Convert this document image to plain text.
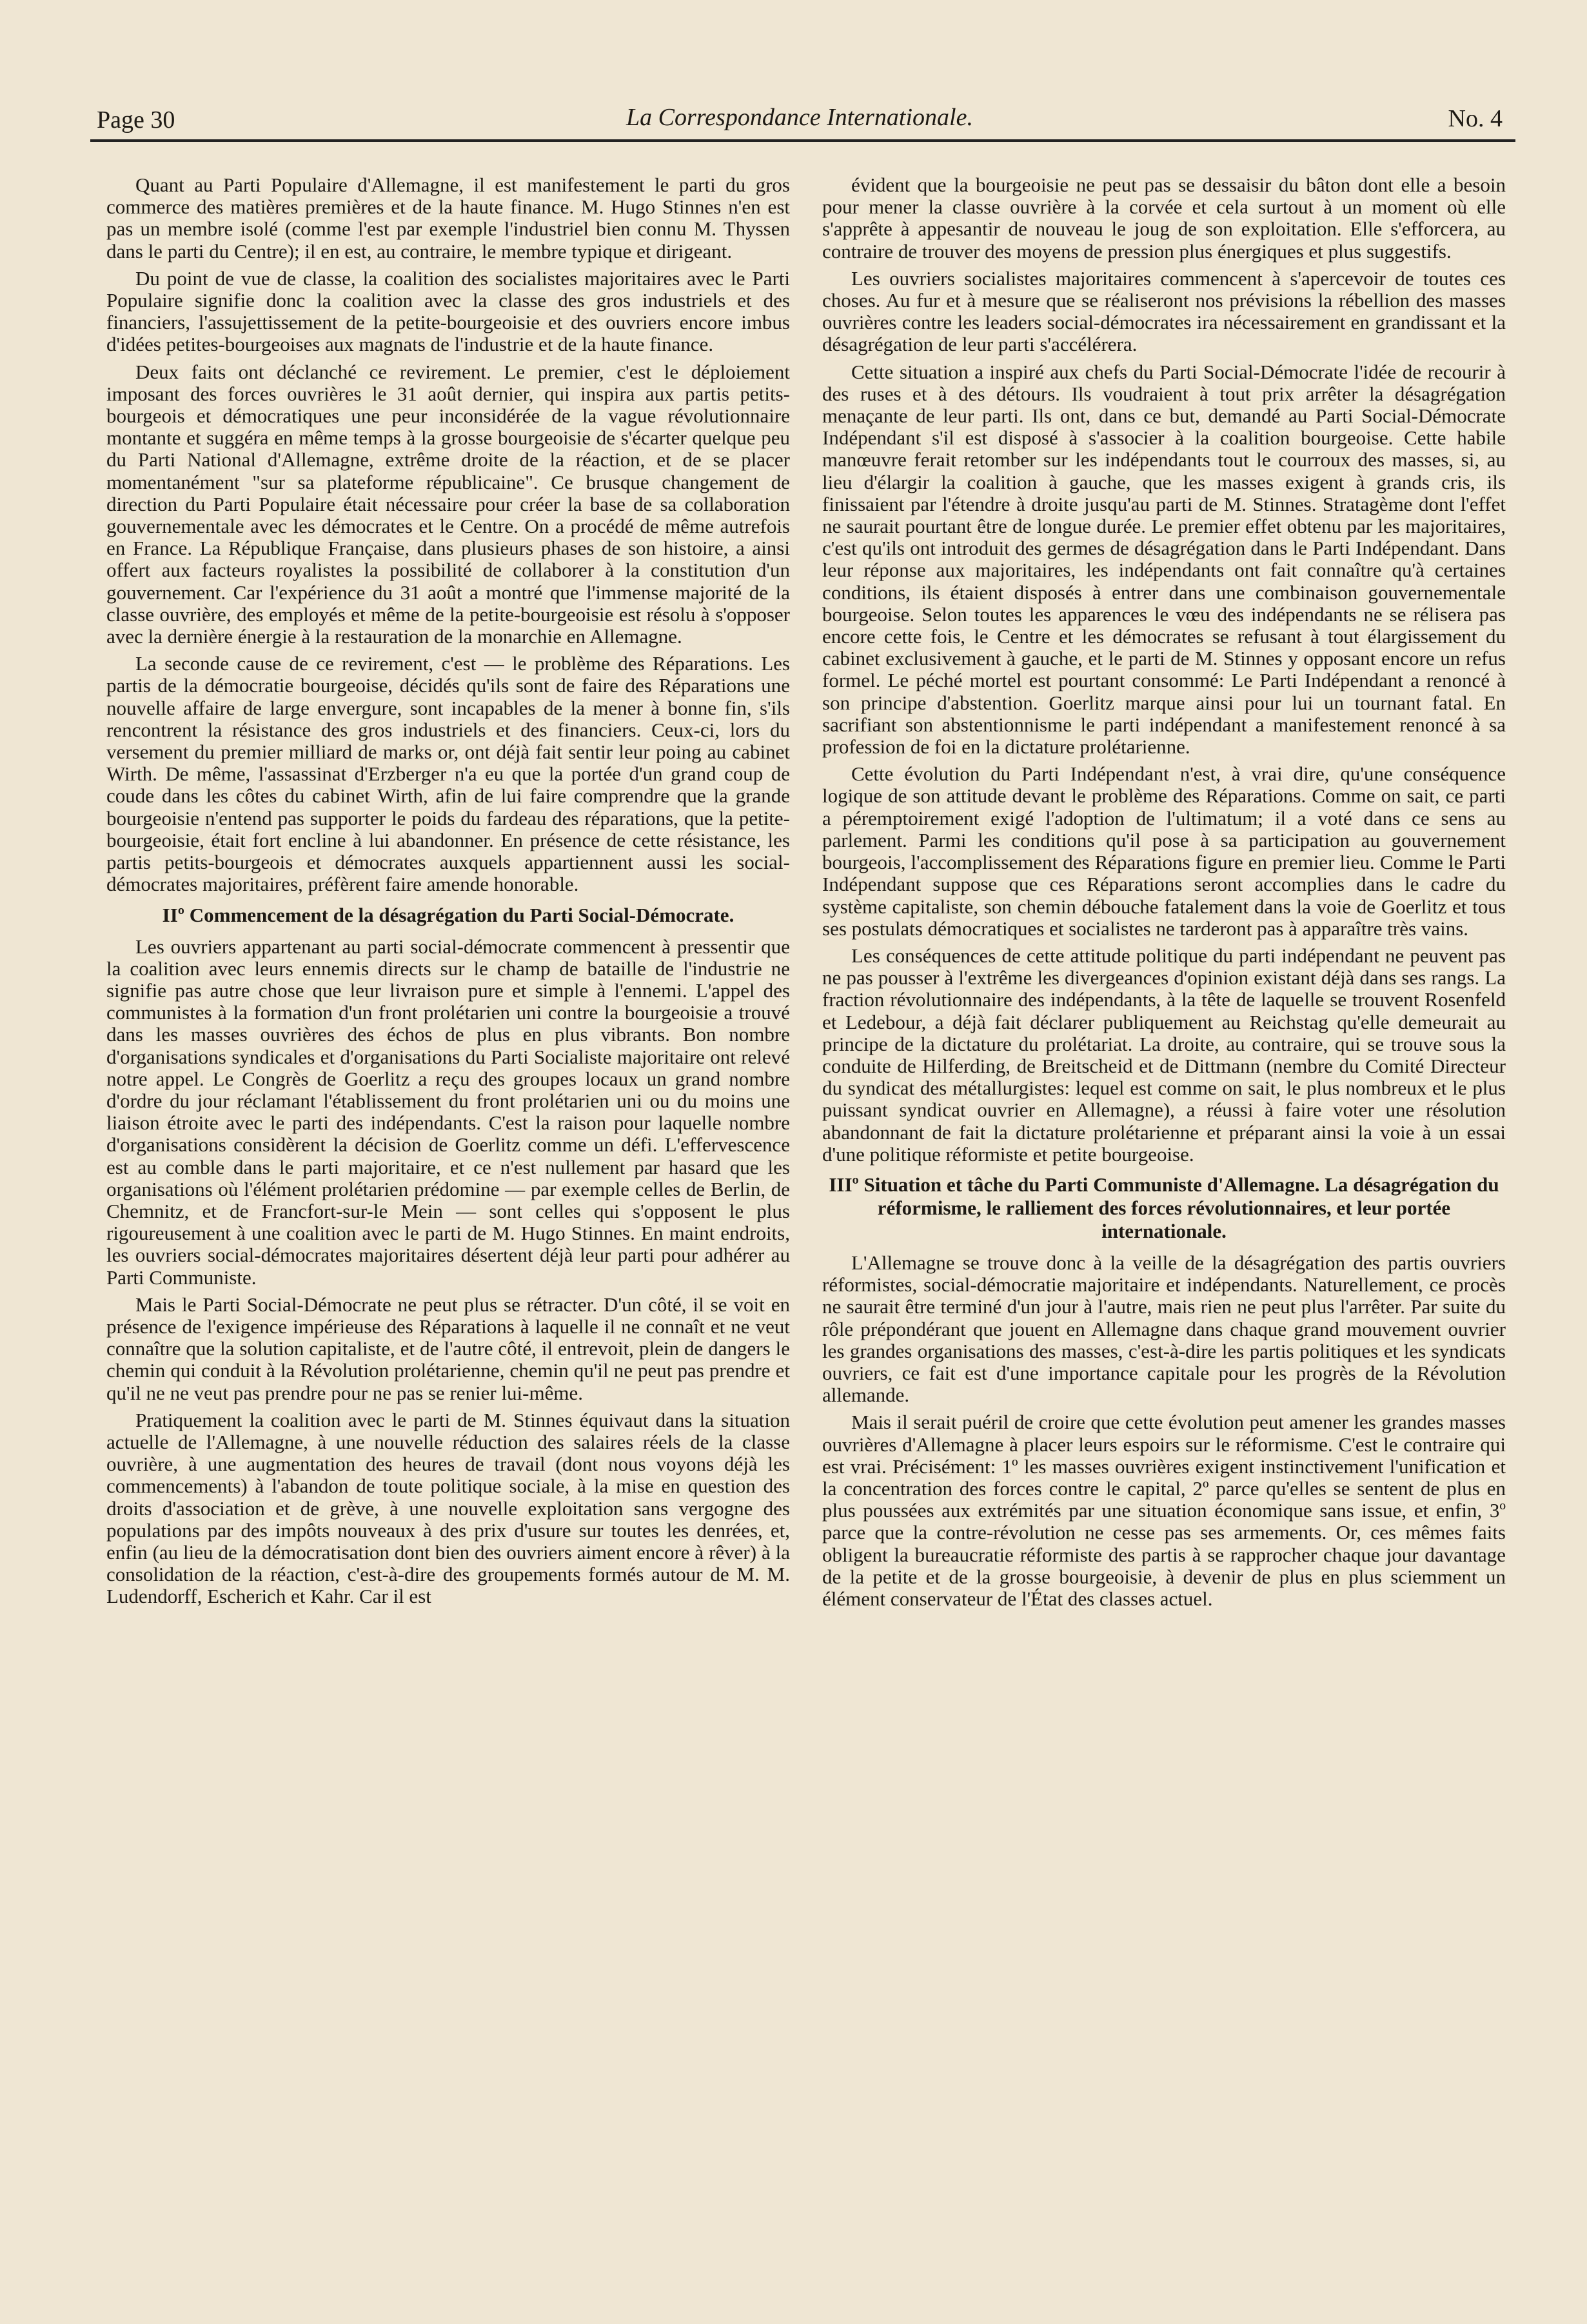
Page 30	La Correspondance Internationale.	No. 4

Quant au Parti Populaire d'Allemagne, il est manifestement le parti du gros commerce des matières premières et de la haute finance. M. Hugo Stinnes n'en est pas un membre isolé (comme l'est par exemple l'industriel bien connu M. Thyssen dans le parti du Centre); il en est, au contraire, le membre typique et dirigeant.

Du point de vue de classe, la coalition des socialistes majoritaires avec le Parti Populaire signifie donc la coalition avec la classe des gros industriels et des financiers, l'assujettissement de la petite-bourgeoisie et des ouvriers encore imbus d'idées petites-bourgeoises aux magnats de l'industrie et de la haute finance.

Deux faits ont déclanché ce revirement. Le premier, c'est le déploiement imposant des forces ouvrières le 31 août dernier, qui inspira aux partis petits-bourgeois et démocratiques une peur inconsidérée de la vague révolutionnaire montante et suggéra en même temps à la grosse bourgeoisie de s'écarter quelque peu du Parti National d'Allemagne, extrême droite de la réaction, et de se placer momentanément "sur sa plateforme républicaine". Ce brusque changement de direction du Parti Populaire était nécessaire pour créer la base de sa collaboration gouvernementale avec les démocrates et le Centre. On a procédé de même autrefois en France. La République Française, dans plusieurs phases de son histoire, a ainsi offert aux facteurs royalistes la possibilité de collaborer à la constitution d'un gouvernement. Car l'expérience du 31 août a montré que l'immense majorité de la classe ouvrière, des employés et même de la petite-bourgeoisie est résolu à s'opposer avec la dernière énergie à la restauration de la monarchie en Allemagne.

La seconde cause de ce revirement, c'est — le problème des Réparations. Les partis de la démocratie bourgeoise, décidés qu'ils sont de faire des Réparations une nouvelle affaire de large envergure, sont incapables de la mener à bonne fin, s'ils rencontrent la résistance des gros industriels et des financiers. Ceux-ci, lors du versement du premier milliard de marks or, ont déjà fait sentir leur poing au cabinet Wirth. De même, l'assassinat d'Erzberger n'a eu que la portée d'un grand coup de coude dans les côtes du cabinet Wirth, afin de lui faire comprendre que la grande bourgeoisie n'entend pas supporter le poids du fardeau des réparations, que la petite-bourgeoisie, était fort encline à lui abandonner. En présence de cette résistance, les partis petits-bourgeois et démocrates auxquels appartiennent aussi les social-démocrates majoritaires, préfèrent faire amende honorable.

IIº Commencement de la désagrégation du Parti Social-Démocrate.

Les ouvriers appartenant au parti social-démocrate commencent à pressentir que la coalition avec leurs ennemis directs sur le champ de bataille de l'industrie ne signifie pas autre chose que leur livraison pure et simple à l'ennemi. L'appel des communistes à la formation d'un front prolétarien uni contre la bourgeoisie a trouvé dans les masses ouvrières des échos de plus en plus vibrants. Bon nombre d'organisations syndicales et d'organisations du Parti Socialiste majoritaire ont relevé notre appel. Le Congrès de Goerlitz a reçu des groupes locaux un grand nombre d'ordre du jour réclamant l'établissement du front prolétarien uni ou du moins une liaison étroite avec le parti des indépendants. C'est la raison pour laquelle nombre d'organisations considèrent la décision de Goerlitz comme un défi. L'effervescence est au comble dans le parti majoritaire, et ce n'est nullement par hasard que les organisations où l'élément prolétarien prédomine — par exemple celles de Berlin, de Chemnitz, et de Francfort-sur-le Mein — sont celles qui s'opposent le plus rigoureusement à une coalition avec le parti de M. Hugo Stinnes. En maint endroits, les ouvriers social-démocrates majoritaires désertent déjà leur parti pour adhérer au Parti Communiste.

Mais le Parti Social-Démocrate ne peut plus se rétracter. D'un côté, il se voit en présence de l'exigence impérieuse des Réparations à laquelle il ne connaît et ne veut connaître que la solution capitaliste, et de l'autre côté, il entrevoit, plein de dangers le chemin qui conduit à la Révolution prolétarienne, chemin qu'il ne peut pas prendre et qu'il ne ne veut pas prendre pour ne pas se renier lui-même.

Pratiquement la coalition avec le parti de M. Stinnes équivaut dans la situation actuelle de l'Allemagne, à une nouvelle réduction des salaires réels de la classe ouvrière, à une augmentation des heures de travail (dont nous voyons déjà les commencements) à l'abandon de toute politique sociale, à la mise en question des droits d'association et de grève, à une nouvelle exploitation sans vergogne des populations par des impôts nouveaux à des prix d'usure sur toutes les denrées, et, enfin (au lieu de la démocratisation dont bien des ouvriers aiment encore à rêver) à la consolidation de la réaction, c'est-à-dire des groupements formés autour de M. M. Ludendorff, Escherich et Kahr. Car il est

évident que la bourgeoisie ne peut pas se dessaisir du bâton dont elle a besoin pour mener la classe ouvrière à la corvée et cela surtout à un moment où elle s'apprête à appesantir de nouveau le joug de son exploitation. Elle s'efforcera, au contraire de trouver des moyens de pression plus énergiques et plus suggestifs.

Les ouvriers socialistes majoritaires commencent à s'apercevoir de toutes ces choses. Au fur et à mesure que se réaliseront nos prévisions la rébellion des masses ouvrières contre les leaders social-démocrates ira nécessairement en grandissant et la désagrégation de leur parti s'accélérera.

Cette situation a inspiré aux chefs du Parti Social-Démocrate l'idée de recourir à des ruses et à des détours. Ils voudraient à tout prix arrêter la désagrégation menaçante de leur parti. Ils ont, dans ce but, demandé au Parti Social-Démocrate Indépendant s'il est disposé à s'associer à la coalition bourgeoise. Cette habile manœuvre ferait retomber sur les indépendants tout le courroux des masses, si, au lieu d'élargir la coalition à gauche, que les masses exigent à grands cris, ils finissaient par l'étendre à droite jusqu'au parti de M. Stinnes. Stratagème dont l'effet ne saurait pourtant être de longue durée. Le premier effet obtenu par les majoritaires, c'est qu'ils ont introduit des germes de désagrégation dans le Parti Indépendant. Dans leur réponse aux majoritaires, les indépendants ont fait connaître qu'à certaines conditions, ils étaient disposés à entrer dans une combinaison gouvernementale bourgeoise. Selon toutes les apparences le vœu des indépendants ne se rélisera pas encore cette fois, le Centre et les démocrates se refusant à tout élargissement du cabinet exclusivement à gauche, et le parti de M. Stinnes y opposant encore un refus formel. Le péché mortel est pourtant consommé: Le Parti Indépendant a renoncé à son principe d'abstention. Goerlitz marque ainsi pour lui un tournant fatal. En sacrifiant son abstentionnisme le parti indépendant a manifestement renoncé à sa profession de foi en la dictature prolétarienne.

Cette évolution du Parti Indépendant n'est, à vrai dire, qu'une conséquence logique de son attitude devant le problème des Réparations. Comme on sait, ce parti a péremptoirement exigé l'adoption de l'ultimatum; il a voté dans ce sens au parlement. Parmi les conditions qu'il pose à sa participation au gouvernement bourgeois, l'accomplissement des Réparations figure en premier lieu. Comme le Parti Indépendant suppose que ces Réparations seront accomplies dans le cadre du système capitaliste, son chemin débouche fatalement dans la voie de Goerlitz et tous ses postulats démocratiques et socialistes ne tarderont pas à apparaître très vains.

Les conséquences de cette attitude politique du parti indépendant ne peuvent pas ne pas pousser à l'extrême les divergeances d'opinion existant déjà dans ses rangs. La fraction révolutionnaire des indépendants, à la tête de laquelle se trouvent Rosenfeld et Ledebour, a déjà fait déclarer publiquement au Reichstag qu'elle demeurait au principe de la dictature du prolétariat. La droite, au contraire, qui se trouve sous la conduite de Hilferding, de Breitscheid et de Dittmann (nembre du Comité Directeur du syndicat des métallurgistes: lequel est comme on sait, le plus nombreux et le plus puissant syndicat ouvrier en Allemagne), a réussi à faire voter une résolution abandonnant de fait la dictature prolétarienne et préparant ainsi la voie à un essai d'une politique réformiste et petite bourgeoise.

IIIº Situation et tâche du Parti Communiste d'Allemagne. La désagrégation du réformisme, le ralliement des forces révolutionnaires, et leur portée internationale.

L'Allemagne se trouve donc à la veille de la désagrégation des partis ouvriers réformistes, social-démocratie majoritaire et indépendants. Naturellement, ce procès ne saurait être terminé d'un jour à l'autre, mais rien ne peut plus l'arrêter. Par suite du rôle prépondérant que jouent en Allemagne dans chaque grand mouvement ouvrier les grandes organisations des masses, c'est-à-dire les partis politiques et les syndicats ouvriers, ce fait est d'une importance capitale pour les progrès de la Révolution allemande.

Mais il serait puéril de croire que cette évolution peut amener les grandes masses ouvrières d'Allemagne à placer leurs espoirs sur le réformisme. C'est le contraire qui est vrai. Précisément: 1º les masses ouvrières exigent instinctivement l'unification et la concentration des forces contre le capital, 2º parce qu'elles se sentent de plus en plus poussées aux extrémités par une situation économique sans issue, et enfin, 3º parce que la contre-révolution ne cesse pas ses armements. Or, ces mêmes faits obligent la bureaucratie réformiste des partis à se rapprocher chaque jour davantage de la petite et de la grosse bourgeoisie, à devenir de plus en plus sciemment un élément conservateur de l'État des classes actuel.
